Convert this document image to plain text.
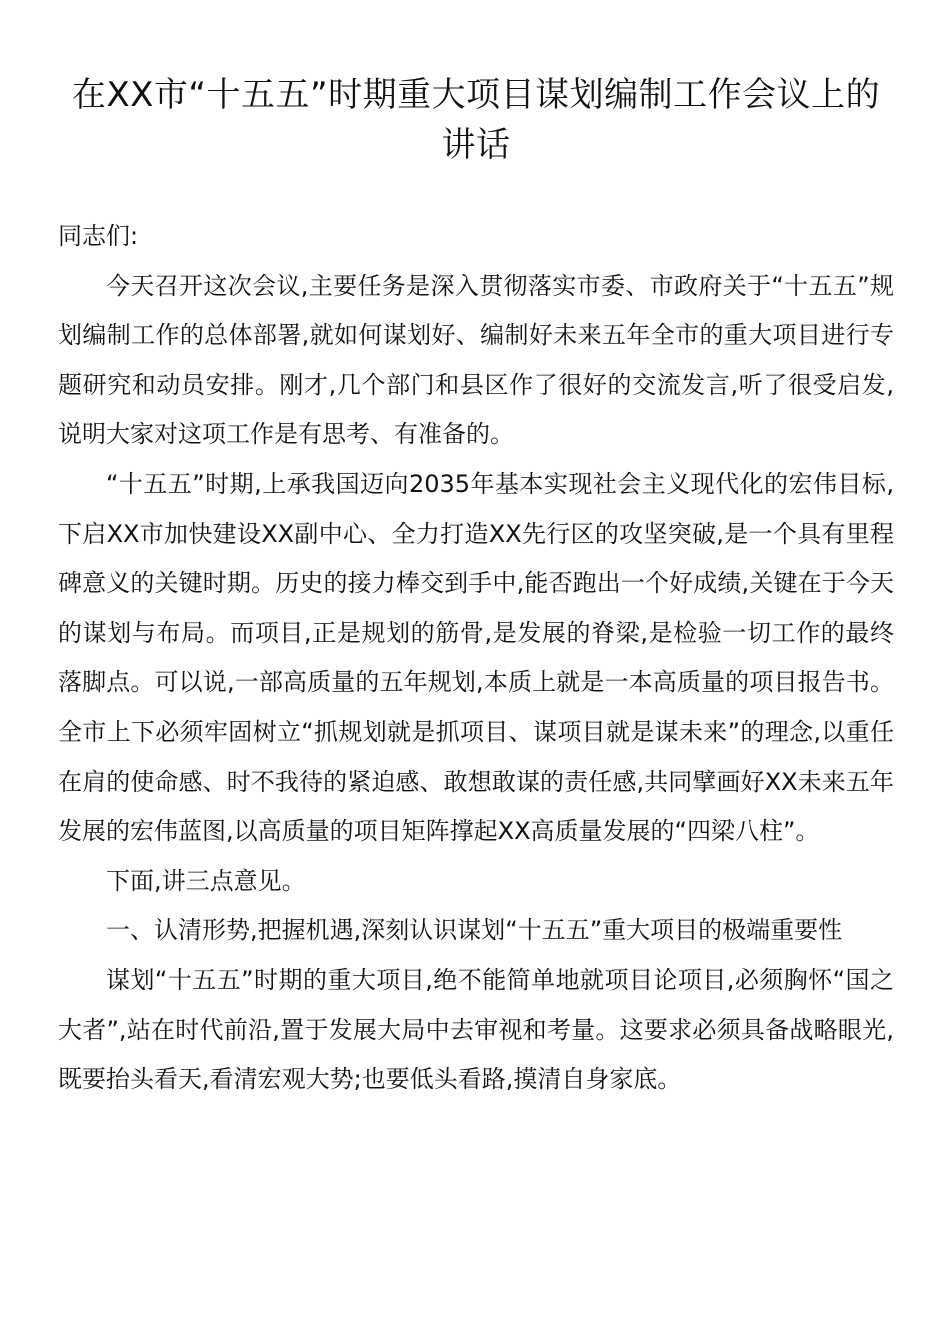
在XX市“十五五”时期重大项目谋划编制工作会议上的讲话

同志们:

今天召开这次会议,主要任务是深入贯彻落实市委、市政府关于“十五五”规划编制工作的总体部署,就如何谋划好、编制好未来五年全市的重大项目进行专题研究和动员安排。刚才,几个部门和县区作了很好的交流发言,听了很受启发,说明大家对这项工作是有思考、有准备的。

“十五五”时期,上承我国迈向2035年基本实现社会主义现代化的宏伟目标,下启XX市加快建设XX副中心、全力打造XX先行区的攻坚突破,是一个具有里程碑意义的关键时期。历史的接力棒交到手中,能否跑出一个好成绩,关键在于今天的谋划与布局。而项目,正是规划的筋骨,是发展的脊梁,是检验一切工作的最终落脚点。可以说,一部高质量的五年规划,本质上就是一本高质量的项目报告书。全市上下必须牢固树立“抓规划就是抓项目、谋项目就是谋未来”的理念,以重任在肩的使命感、时不我待的紧迫感、敢想敢谋的责任感,共同擘画好XX未来五年发展的宏伟蓝图,以高质量的项目矩阵撑起XX高质量发展的“四梁八柱”。

下面,讲三点意见。

一、认清形势,把握机遇,深刻认识谋划“十五五”重大项目的极端重要性

谋划“十五五”时期的重大项目,绝不能简单地就项目论项目,必须胸怀“国之大者”,站在时代前沿,置于发展大局中去审视和考量。这要求必须具备战略眼光,既要抬头看天,看清宏观大势;也要低头看路,摸清自身家底。
